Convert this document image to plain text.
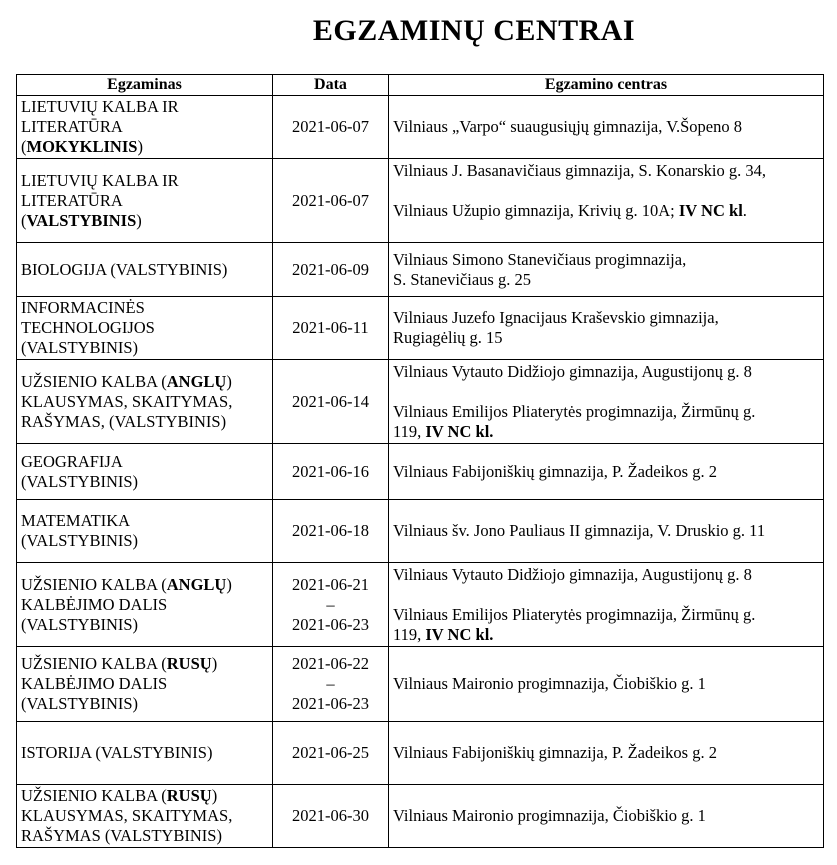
EGZAMINŲ CENTRAI
Egzaminas	Data	Egzamino centras

LIETUVIŲ KALBA IR
LITERATŪRA
(MOKYKLINIS)	2021-06-07	Vilniaus „Varpo“ suaugusiųjų gimnazija, V.Šopeno 8

LIETUVIŲ KALBA IR
LITERATŪRA
(VALSTYBINIS)	2021-06-07	Vilniaus J. Basanavičiaus gimnazija, S. Konarskio g. 34,
Vilniaus Užupio gimnazija, Krivių g. 10A; IV NC kl.

BIOLOGIJA (VALSTYBINIS)	2021-06-09	Vilniaus Simono Stanevičiaus progimnazija,
S. Stanevičiaus g. 25

INFORMACINĖS
TECHNOLOGIJOS
(VALSTYBINIS)	2021-06-11	Vilniaus Juzefo Ignacijaus Kraševskio gimnazija,
Rugiagėlių g. 15

UŽSIENIO KALBA (ANGLŲ)
KLAUSYMAS, SKAITYMAS,
RAŠYMAS, (VALSTYBINIS)	2021-06-14	Vilniaus Vytauto Didžiojo gimnazija, Augustijonų g. 8
Vilniaus Emilijos Pliaterytės progimnazija, Žirmūnų g.
119, IV NC kl.

GEOGRAFIJA
(VALSTYBINIS)	2021-06-16	Vilniaus Fabijoniškių gimnazija, P. Žadeikos g. 2

MATEMATIKA
(VALSTYBINIS)	2021-06-18	Vilniaus šv. Jono Pauliaus II gimnazija, V. Druskio g. 11

UŽSIENIO KALBA (ANGLŲ)
KALBĖJIMO DALIS
(VALSTYBINIS)	2021-06-21
–
2021-06-23	Vilniaus Vytauto Didžiojo gimnazija, Augustijonų g. 8
Vilniaus Emilijos Pliaterytės progimnazija, Žirmūnų g.
119, IV NC kl.

UŽSIENIO KALBA (RUSŲ)
KALBĖJIMO DALIS
(VALSTYBINIS)	2021-06-22
–
2021-06-23	Vilniaus Maironio progimnazija, Čiobiškio g. 1

ISTORIJA (VALSTYBINIS)	2021-06-25	Vilniaus Fabijoniškių gimnazija, P. Žadeikos g. 2

UŽSIENIO KALBA (RUSŲ)
KLAUSYMAS, SKAITYMAS,
RAŠYMAS (VALSTYBINIS)	2021-06-30	Vilniaus Maironio progimnazija, Čiobiškio g. 1
